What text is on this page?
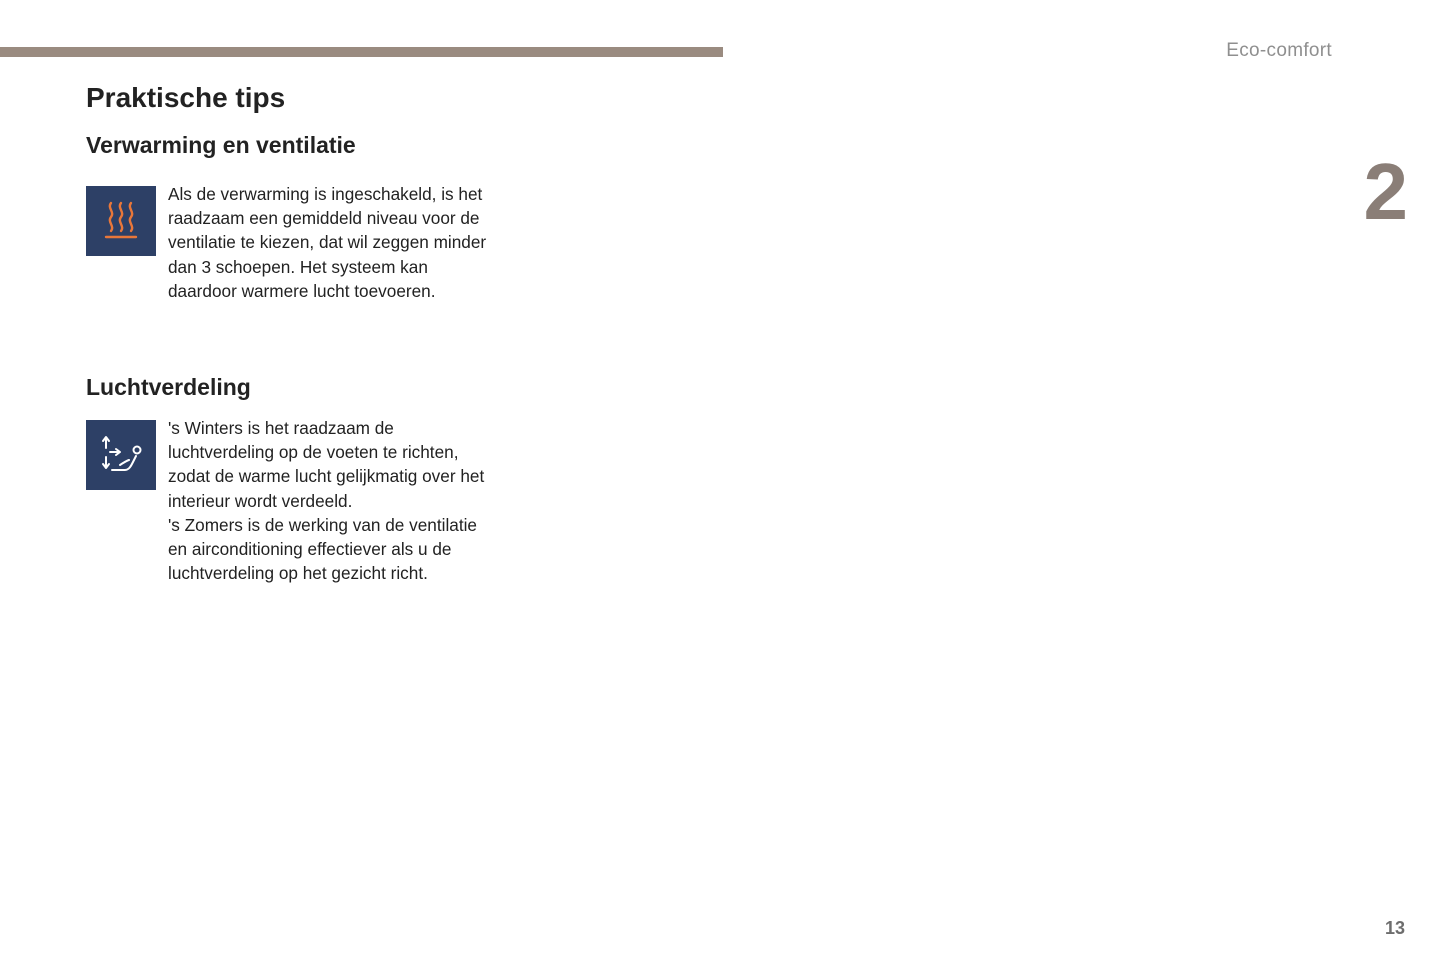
Eco-comfort
2
Praktische tips
Verwarming en ventilatie

Als de verwarming is ingeschakeld, is het raadzaam een gemiddeld niveau voor de ventilatie te kiezen, dat wil zeggen minder dan 3 schoepen. Het systeem kan daardoor warmere lucht toevoeren.

Luchtverdeling

's Winters is het raadzaam de luchtverdeling op de voeten te richten, zodat de warme lucht gelijkmatig over het interieur wordt verdeeld.

's Zomers is de werking van de ventilatie en airconditioning effectiever als u de luchtverdeling op het gezicht richt.

13
